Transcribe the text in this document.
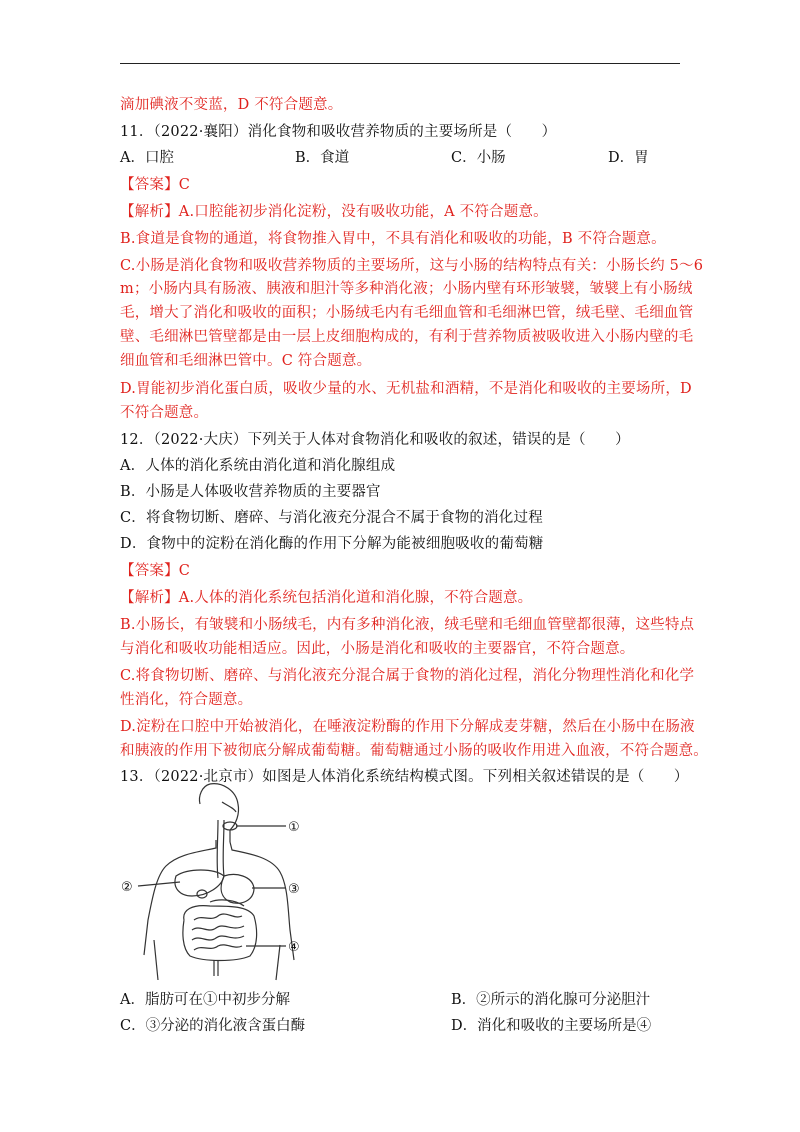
滴加碘液不变蓝，D 不符合题意。
11．（2022·襄阳）消化食物和吸收营养物质的主要场所是（　　）
A．口腔	B．食道	C．小肠	D．胃
【答案】C
【解析】A.口腔能初步消化淀粉，没有吸收功能，A 不符合题意。
B.食道是食物的通道，将食物推入胃中，不具有消化和吸收的功能，B 不符合题意。
C.小肠是消化食物和吸收营养物质的主要场所，这与小肠的结构特点有关：小肠长约 5～6
m；小肠内具有肠液、胰液和胆汁等多种消化液；小肠内壁有环形皱襞，皱襞上有小肠绒
毛，增大了消化和吸收的面积；小肠绒毛内有毛细血管和毛细淋巴管，绒毛壁、毛细血管
壁、毛细淋巴管壁都是由一层上皮细胞构成的，有利于营养物质被吸收进入小肠内壁的毛
细血管和毛细淋巴管中。C 符合题意。
D.胃能初步消化蛋白质，吸收少量的水、无机盐和酒精，不是消化和吸收的主要场所，D
不符合题意。
12．（2022·大庆）下列关于人体对食物消化和吸收的叙述，错误的是（　　）
A．人体的消化系统由消化道和消化腺组成
B．小肠是人体吸收营养物质的主要器官
C．将食物切断、磨碎、与消化液充分混合不属于食物的消化过程
D．食物中的淀粉在消化酶的作用下分解为能被细胞吸收的葡萄糖
【答案】C
【解析】A.人体的消化系统包括消化道和消化腺，不符合题意。
B.小肠长，有皱襞和小肠绒毛，内有多种消化液，绒毛壁和毛细血管壁都很薄，这些特点
与消化和吸收功能相适应。因此，小肠是消化和吸收的主要器官，不符合题意。
C.将食物切断、磨碎、与消化液充分混合属于食物的消化过程，消化分物理性消化和化学
性消化，符合题意。
D.淀粉在口腔中开始被消化，在唾液淀粉酶的作用下分解成麦芽糖，然后在小肠中在肠液
和胰液的作用下被彻底分解成葡萄糖。葡萄糖通过小肠的吸收作用进入血液，不符合题意。
13．（2022·北京市）如图是人体消化系统结构模式图。下列相关叙述错误的是（　　）
①
②	③
④
A．脂肪可在①中初步分解	B．②所示的消化腺可分泌胆汁
C．③分泌的消化液含蛋白酶	D．消化和吸收的主要场所是④
